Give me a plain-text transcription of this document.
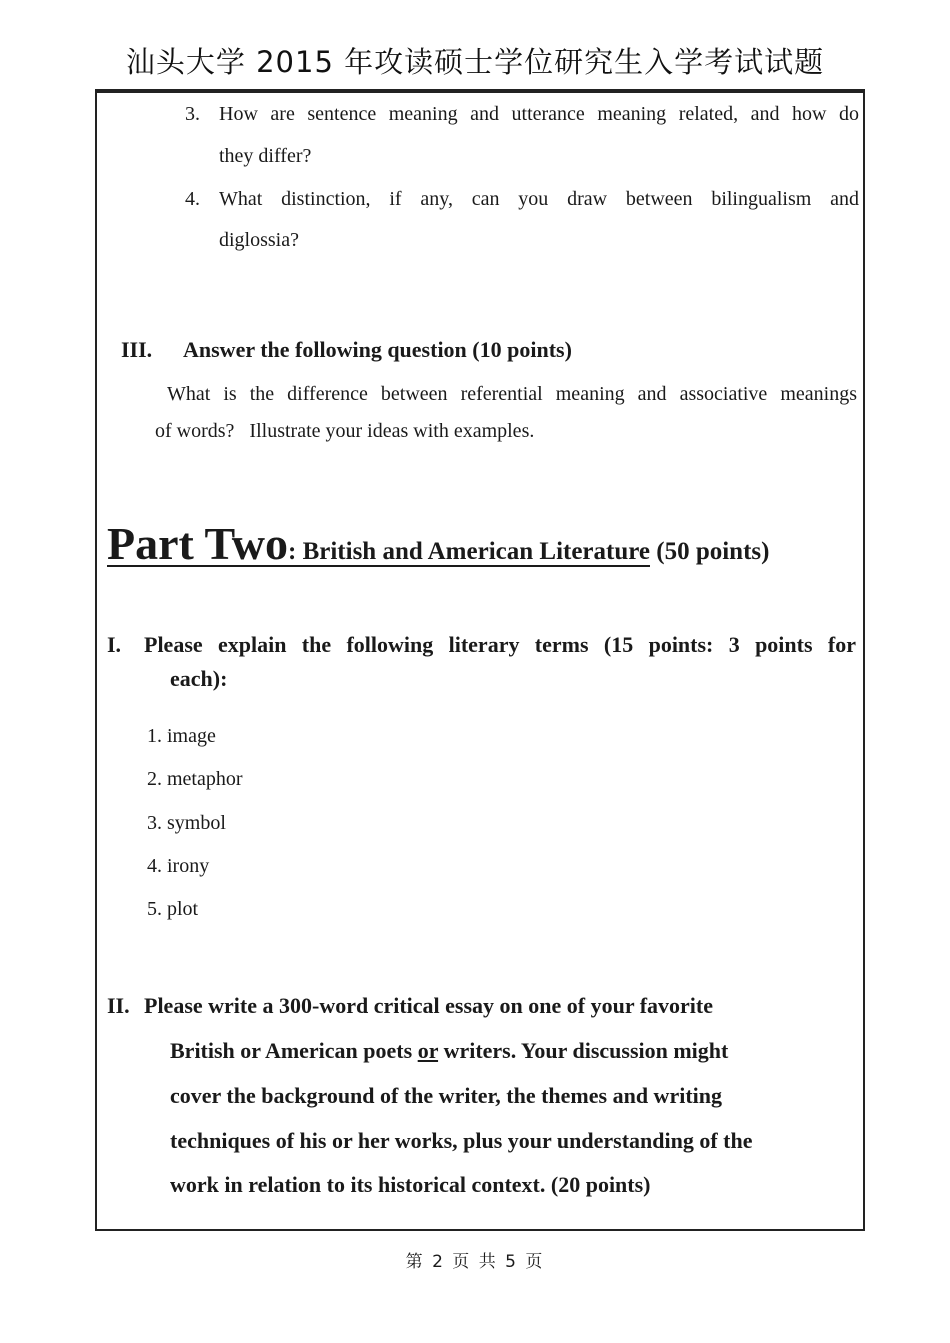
汕头大学 2015 年攻读硕士学位研究生入学考试试题
3. How are sentence meaning and utterance meaning related, and how do
they differ?
4. What distinction, if any, can you draw between bilingualism and
diglossia?
III. Answer the following question (10 points)
What is the difference between referential meaning and associative meanings
of words?   Illustrate your ideas with examples.
Part Two: British and American Literature (50 points)
I. Please explain the following literary terms (15 points: 3 points for
each):
1. image
2. metaphor
3. symbol
4. irony
5. plot
II. Please write a 300-word critical essay on one of your favorite
British or American poets or writers. Your discussion might
cover the background of the writer, the themes and writing
techniques of his or her works, plus your understanding of the
work in relation to its historical context. (20 points)
第 2 页 共 5 页
